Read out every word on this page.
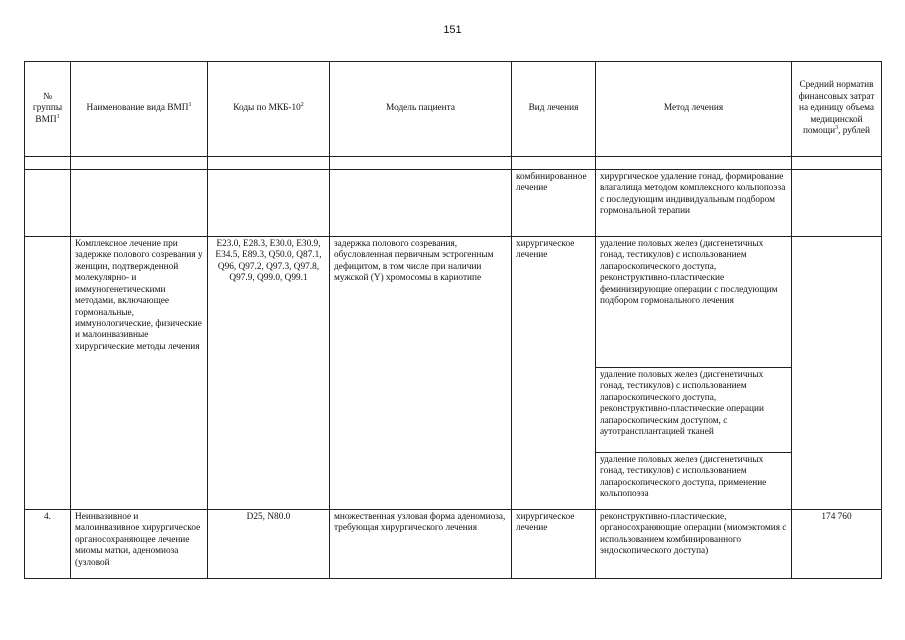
151
№ группы ВМП$^1$	Наименование вида ВМП$^1$	Коды по МКБ-$10^2$	Модель пациента	Вид лечения	Метод лечения	Средний норматив финансовых затрат на единицу объема медицинской помощи$^3$, рублей

				комбинированное лечение	хирургическое удаление гонад, формирование влагалища методом комплексного кольпопоэза с последующим индивидуальным подбором гормональной терапии	
	Комплексное лечение при задержке полового созревания у женщин, подтвержденной молекулярно- и иммуногенетическими методами, включающее гормональные, иммунологические, физические и малоинвазивные хирургические методы лечения	E23.0, E28.3, E30.0, E30.9, E34.5, E89.3, Q50.0, Q87.1, Q96, Q97.2, Q97.3, Q97.8, Q97.9, Q99.0, Q99.1	задержка полового созревания, обусловленная первичным эстрогенным дефицитом, в том числе при наличии мужской (Y) хромосомы в кариотипе	хирургическое лечение	удаление половых желез (дисгенетичных гонад, тестикулов) с использованием лапароскопического доступа, реконструктивно-пластические феминизирующие операции с последующим подбором гормонального лечения	
					удаление половых желез (дисгенетичных гонад, тестикулов) с использованием лапароскопического доступа, реконструктивно-пластические операции лапароскопическим доступом, с аутотрансплантацией тканей	
					удаление половых желез (дисгенетичных гонад, тестикулов) с использованием лапароскопического доступа, применение кольпопоэза	
4.	Неинвазивное и малоинвазивное хирургическое органосохраняющее лечение миомы матки, аденомиоза (узловой	D25, N80.0	множественная узловая форма аденомиоза, требующая хирургического лечения	хирургическое лечение	реконструктивно-пластические, органосохраняющие операции (миомэктомия с использованием комбинированного эндоскопического доступа)	174 760
